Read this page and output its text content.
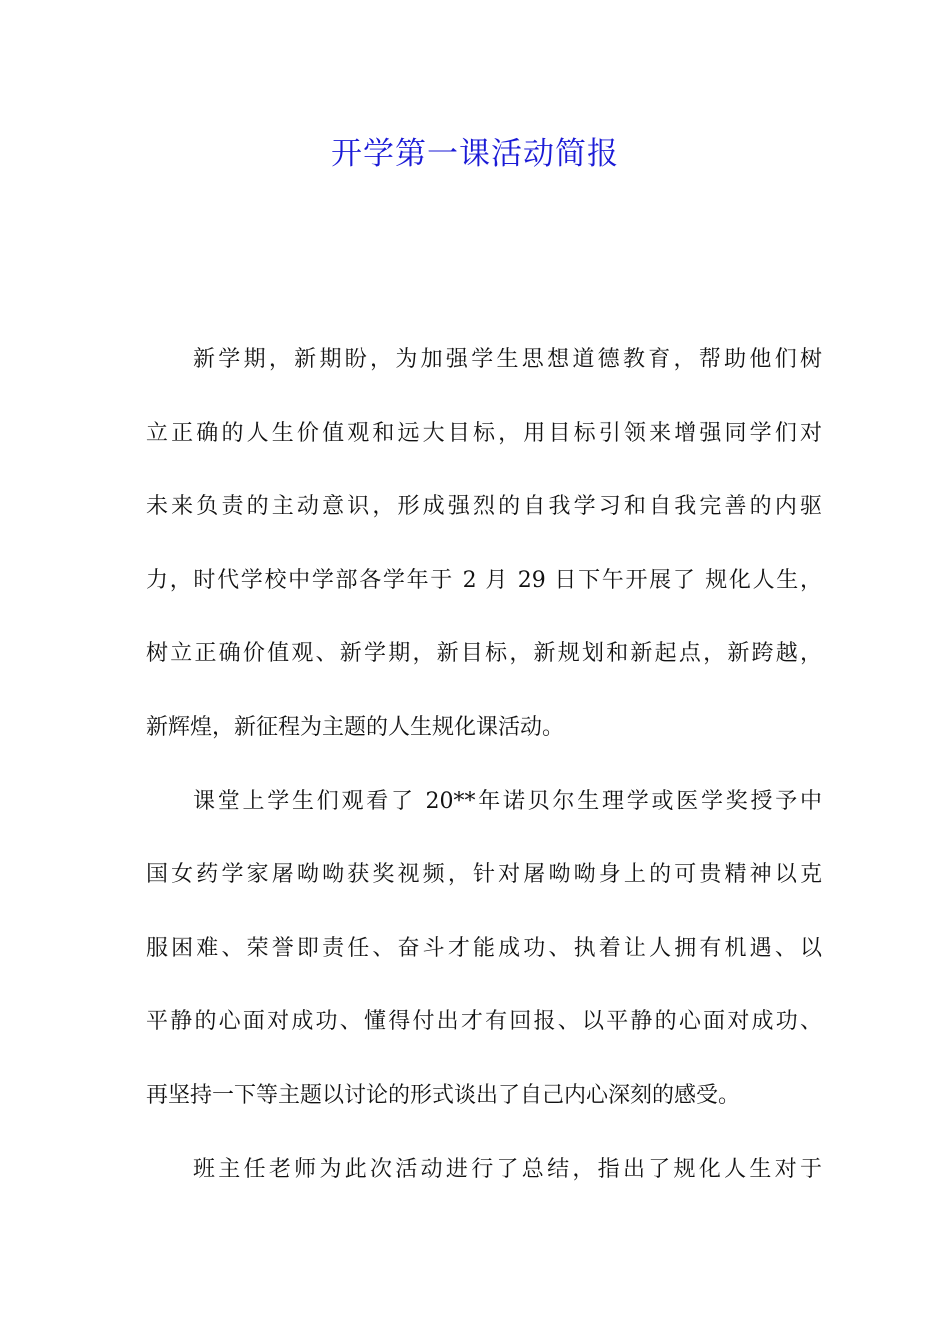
开学第一课活动简报
新学期，新期盼，为加强学生思想道德教育，帮助他们树
立正确的人生价值观和远大目标，用目标引领来增强同学们对
未来负责的主动意识，形成强烈的自我学习和自我完善的内驱
力，时代学校中学部各学年于 2 月 29 日下午开展了 规化人生，
树立正确价值观、新学期，新目标，新规划和新起点，新跨越，
新辉煌，新征程为主题的人生规化课活动。
课堂上学生们观看了 20**年诺贝尔生理学或医学奖授予中
国女药学家屠呦呦获奖视频，针对屠呦呦身上的可贵精神以克
服困难、荣誉即责任、奋斗才能成功、执着让人拥有机遇、以
平静的心面对成功、懂得付出才有回报、以平静的心面对成功、
再坚持一下等主题以讨论的形式谈出了自己内心深刻的感受。
班主任老师为此次活动进行了总结，指出了规化人生对于
